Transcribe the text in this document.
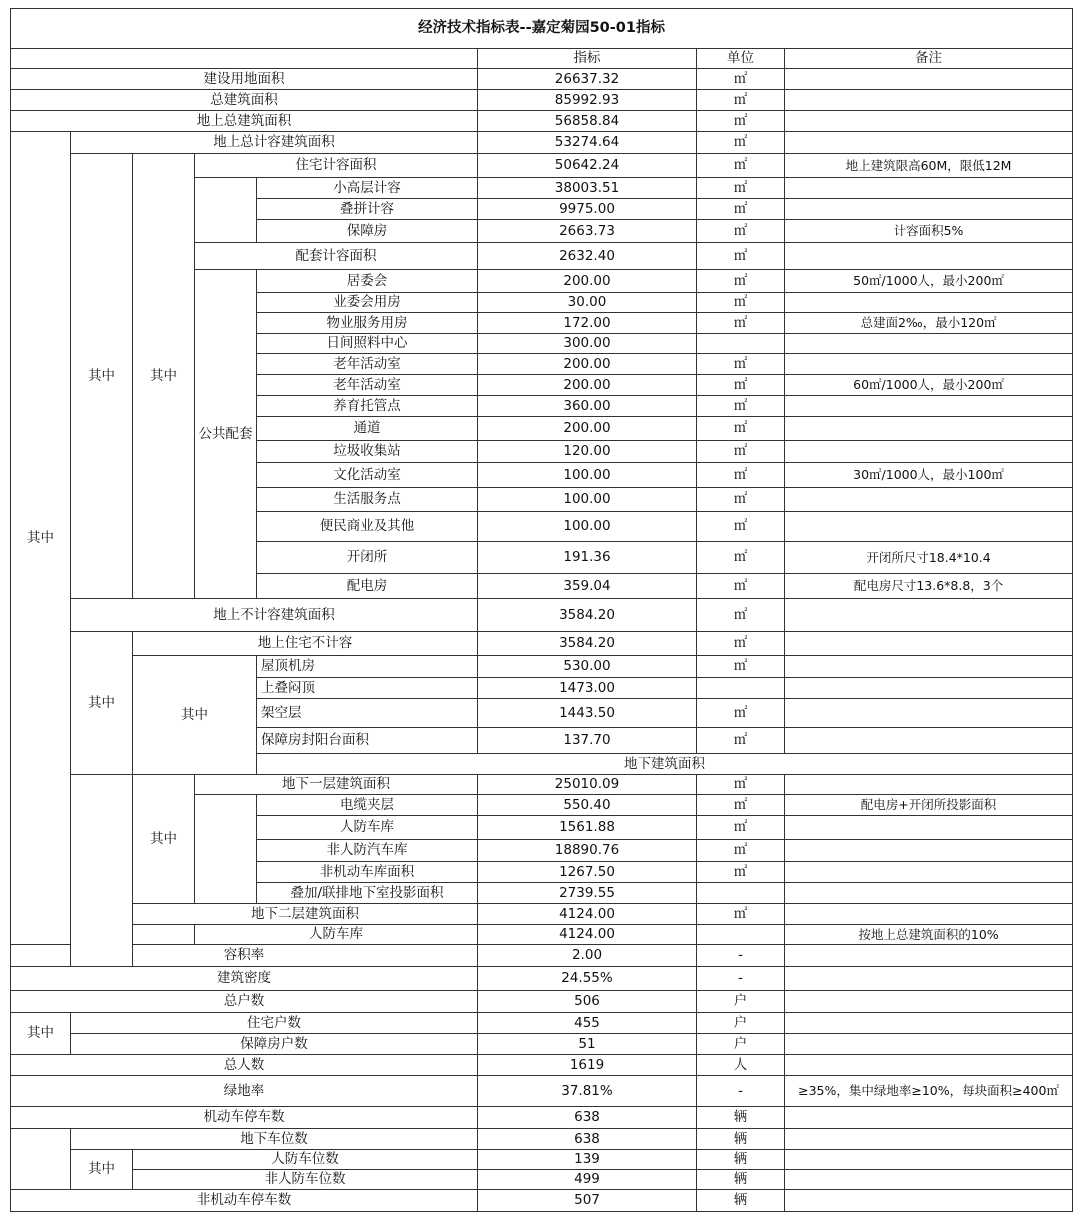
经济技术指标表--嘉定菊园50-01指标								
					指标	单位	备注	
建设用地面积					26637.32	㎡		
总建筑面积					85992.93	㎡		
地上总建筑面积					56858.84	㎡		
其中	地上总计容建筑面积				53274.64	㎡		
	其中	其中	住宅计容面积		50642.24	㎡	地上建筑限高60M，限低12M	
				小高层计容	38003.51	㎡		
				叠拼计容	9975.00	㎡		
				保障房	2663.73	㎡	计容面积5%	
			配套计容面积		2632.40	㎡		
			公共配套	居委会	200.00	㎡	50㎡/1000人，最小200㎡	
				业委会用房	30.00	㎡		
				物业服务用房	172.00	㎡	总建面2‰，最小120㎡	
				日间照料中心	300.00			
				老年活动室	200.00	㎡		
				老年活动室	200.00	㎡	60㎡/1000人，最小200㎡	
				养育托管点	360.00	㎡		
				通道	200.00	㎡		
				垃圾收集站	120.00	㎡		
				文化活动室	100.00	㎡	30㎡/1000人，最小100㎡	
				生活服务点	100.00	㎡		
				便民商业及其他	100.00	㎡		
				开闭所	191.36	㎡	开闭所尺寸18.4*10.4	
				配电房	359.04	㎡	配电房尺寸13.6*8.8，3个	
	地上不计容建筑面积				3584.20	㎡		
	其中	地上住宅不计容			3584.20	㎡		
		其中		屋顶机房	530.00	㎡		
				上叠闷顶	1473.00			
				架空层	1443.50	㎡		
				保障房封阳台面积	137.70	㎡		
				地下建筑面积			
		其中	地下一层建筑面积		25010.09	㎡		
				电缆夹层	550.40	㎡	配电房+开闭所投影面积	
				人防车库	1561.88	㎡		
				非人防汽车库	18890.76	㎡		
				非机动车库面积	1267.50	㎡		
				叠加/联排地下室投影面积	2739.55			
		地下二层建筑面积			4124.00	㎡		
			人防车库		4124.00		按地上总建筑面积的10%	
容积率					2.00	-		
建筑密度					24.55%	-		
总户数					506	户		
其中	住宅户数				455	户		
	保障房户数				51	户		
总人数					1619	人		
绿地率					37.81%	-	≥35%，集中绿地率≥10%，每块面积≥400㎡	
机动车停车数					638	辆		
	地下车位数				638	辆		
	其中	人防车位数			139	辆		
		非人防车位数			499	辆		
非机动车停车数					507	辆		
